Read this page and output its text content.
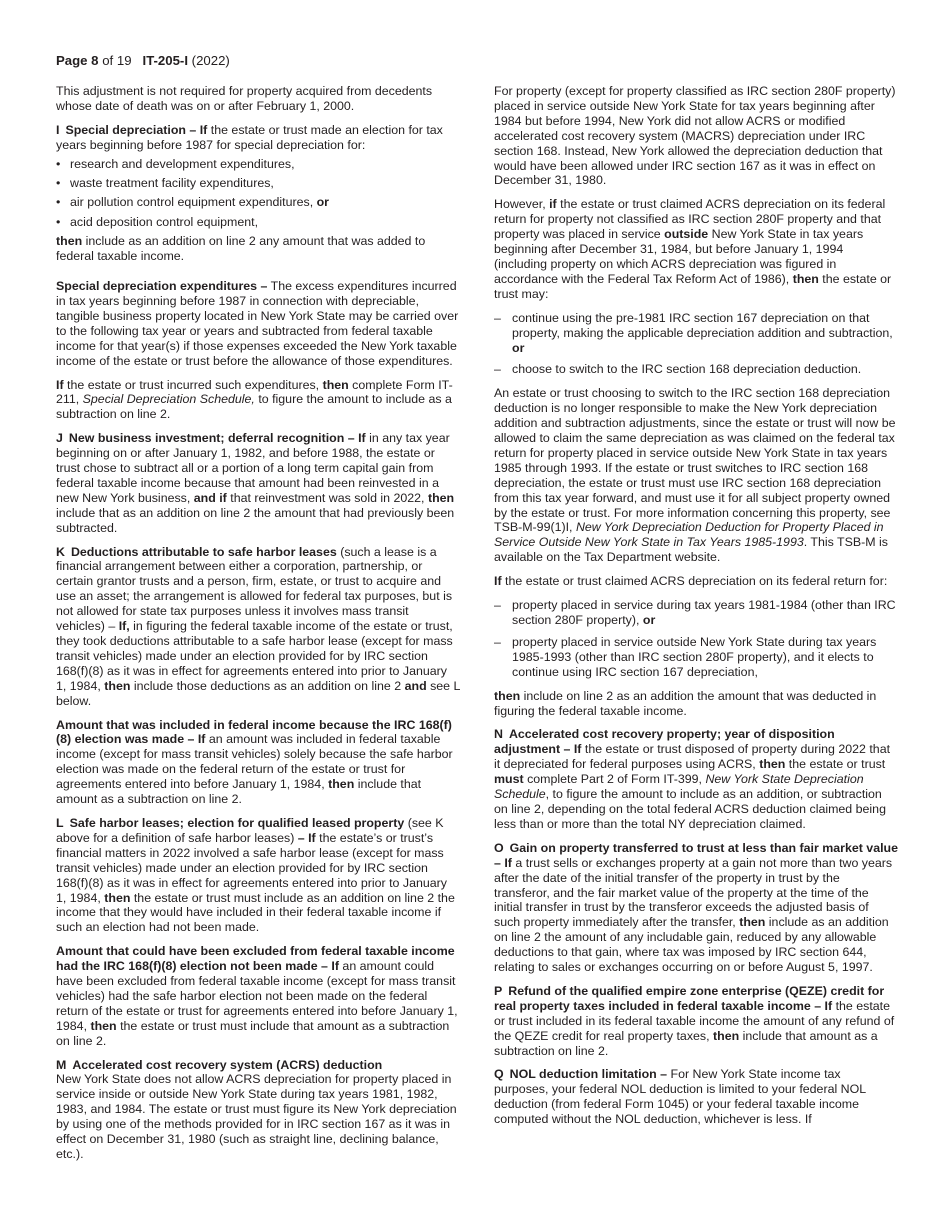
Page 8 of 19 IT-205-I (2022)

This adjustment is not required for property acquired from decedents whose date of death was on or after February 1, 2000.

I Special depreciation – If the estate or trust made an election for tax years beginning before 1987 for special depreciation for:

• research and development expenditures,
• waste treatment facility expenditures,
• air pollution control equipment expenditures, or
• acid deposition control equipment,

then include as an addition on line 2 any amount that was added to federal taxable income.

Special depreciation expenditures – The excess expenditures incurred in tax years beginning before 1987 in connection with depreciable, tangible business property located in New York State may be carried over to the following tax year or years and subtracted from federal taxable income for that year(s) if those expenses exceeded the New York taxable income of the estate or trust before the allowance of those expenditures.

If the estate or trust incurred such expenditures, then complete Form IT-211, Special Depreciation Schedule, to figure the amount to include as a subtraction on line 2.

J New business investment; deferral recognition – If in any tax year beginning on or after January 1, 1982, and before 1988, the estate or trust chose to subtract all or a portion of a long term capital gain from federal taxable income because that amount had been reinvested in a new New York business, and if that reinvestment was sold in 2022, then include that as an addition on line 2 the amount that had previously been subtracted.

K Deductions attributable to safe harbor leases (such a lease is a financial arrangement between either a corporation, partnership, or certain grantor trusts and a person, firm, estate, or trust to acquire and use an asset; the arrangement is allowed for federal tax purposes, but is not allowed for state tax purposes unless it involves mass transit vehicles) – If, in figuring the federal taxable income of the estate or trust, they took deductions attributable to a safe harbor lease (except for mass transit vehicles) made under an election provided for by IRC section 168(f)(8) as it was in effect for agreements entered into prior to January 1, 1984, then include those deductions as an addition on line 2 and see L below.

Amount that was included in federal income because the IRC 168(f)(8) election was made – If an amount was included in federal taxable income (except for mass transit vehicles) solely because the safe harbor election was made on the federal return of the estate or trust for agreements entered into before January 1, 1984, then include that amount as a subtraction on line 2.

L Safe harbor leases; election for qualified leased property (see K above for a definition of safe harbor leases) – If the estate’s or trust’s financial matters in 2022 involved a safe harbor lease (except for mass transit vehicles) made under an election provided for by IRC section 168(f)(8) as it was in effect for agreements entered into prior to January 1, 1984, then the estate or trust must include as an addition on line 2 the income that they would have included in their federal taxable income if such an election had not been made.

Amount that could have been excluded from federal taxable income had the IRC 168(f)(8) election not been made – If an amount could have been excluded from federal taxable income (except for mass transit vehicles) had the safe harbor election not been made on the federal return of the estate or trust for agreements entered into before January 1, 1984, then the estate or trust must include that amount as a subtraction on line 2.

M Accelerated cost recovery system (ACRS) deduction
New York State does not allow ACRS depreciation for property placed in service inside or outside New York State during tax years 1981, 1982, 1983, and 1984. The estate or trust must figure its New York depreciation by using one of the methods provided for in IRC section 167 as it was in effect on December 31, 1980 (such as straight line, declining balance, etc.).

For property (except for property classified as IRC section 280F property) placed in service outside New York State for tax years beginning after 1984 but before 1994, New York did not allow ACRS or modified accelerated cost recovery system (MACRS) depreciation under IRC section 168. Instead, New York allowed the depreciation deduction that would have been allowed under IRC section 167 as it was in effect on December 31, 1980.

However, if the estate or trust claimed ACRS depreciation on its federal return for property not classified as IRC section 280F property and that property was placed in service outside New York State in tax years beginning after December 31, 1984, but before January 1, 1994 (including property on which ACRS depreciation was figured in accordance with the Federal Tax Reform Act of 1986), then the estate or trust may:

– continue using the pre-1981 IRC section 167 depreciation on that property, making the applicable depreciation addition and subtraction, or
– choose to switch to the IRC section 168 depreciation deduction.

An estate or trust choosing to switch to the IRC section 168 depreciation deduction is no longer responsible to make the New York depreciation addition and subtraction adjustments, since the estate or trust will now be allowed to claim the same depreciation as was claimed on the federal tax return for property placed in service outside New York State in tax years 1985 through 1993. If the estate or trust switches to IRC section 168 depreciation, the estate or trust must use IRC section 168 depreciation from this tax year forward, and must use it for all subject property owned by the estate or trust. For more information concerning this property, see TSB-M-99(1)I, New York Depreciation Deduction for Property Placed in Service Outside New York State in Tax Years 1985-1993. This TSB-M is available on the Tax Department website.

If the estate or trust claimed ACRS depreciation on its federal return for:

– property placed in service during tax years 1981-1984 (other than IRC section 280F property), or
– property placed in service outside New York State during tax years 1985-1993 (other than IRC section 280F property), and it elects to continue using IRC section 167 depreciation,

then include on line 2 as an addition the amount that was deducted in figuring the federal taxable income.

N Accelerated cost recovery property; year of disposition adjustment – If the estate or trust disposed of property during 2022 that it depreciated for federal purposes using ACRS, then the estate or trust must complete Part 2 of Form IT-399, New York State Depreciation Schedule, to figure the amount to include as an addition, or subtraction on line 2, depending on the total federal ACRS deduction claimed being less than or more than the total NY depreciation claimed.

O Gain on property transferred to trust at less than fair market value – If a trust sells or exchanges property at a gain not more than two years after the date of the initial transfer of the property in trust by the transferor, and the fair market value of the property at the time of the initial transfer in trust by the transferor exceeds the adjusted basis of such property immediately after the transfer, then include as an addition on line 2 the amount of any includable gain, reduced by any allowable deductions to that gain, where tax was imposed by IRC section 644, relating to sales or exchanges occurring on or before August 5, 1997.

P Refund of the qualified empire zone enterprise (QEZE) credit for real property taxes included in federal taxable income – If the estate or trust included in its federal taxable income the amount of any refund of the QEZE credit for real property taxes, then include that amount as a subtraction on line 2.

Q NOL deduction limitation – For New York State income tax purposes, your federal NOL deduction is limited to your federal NOL deduction (from federal Form 1045) or your federal taxable income computed without the NOL deduction, whichever is less. If
